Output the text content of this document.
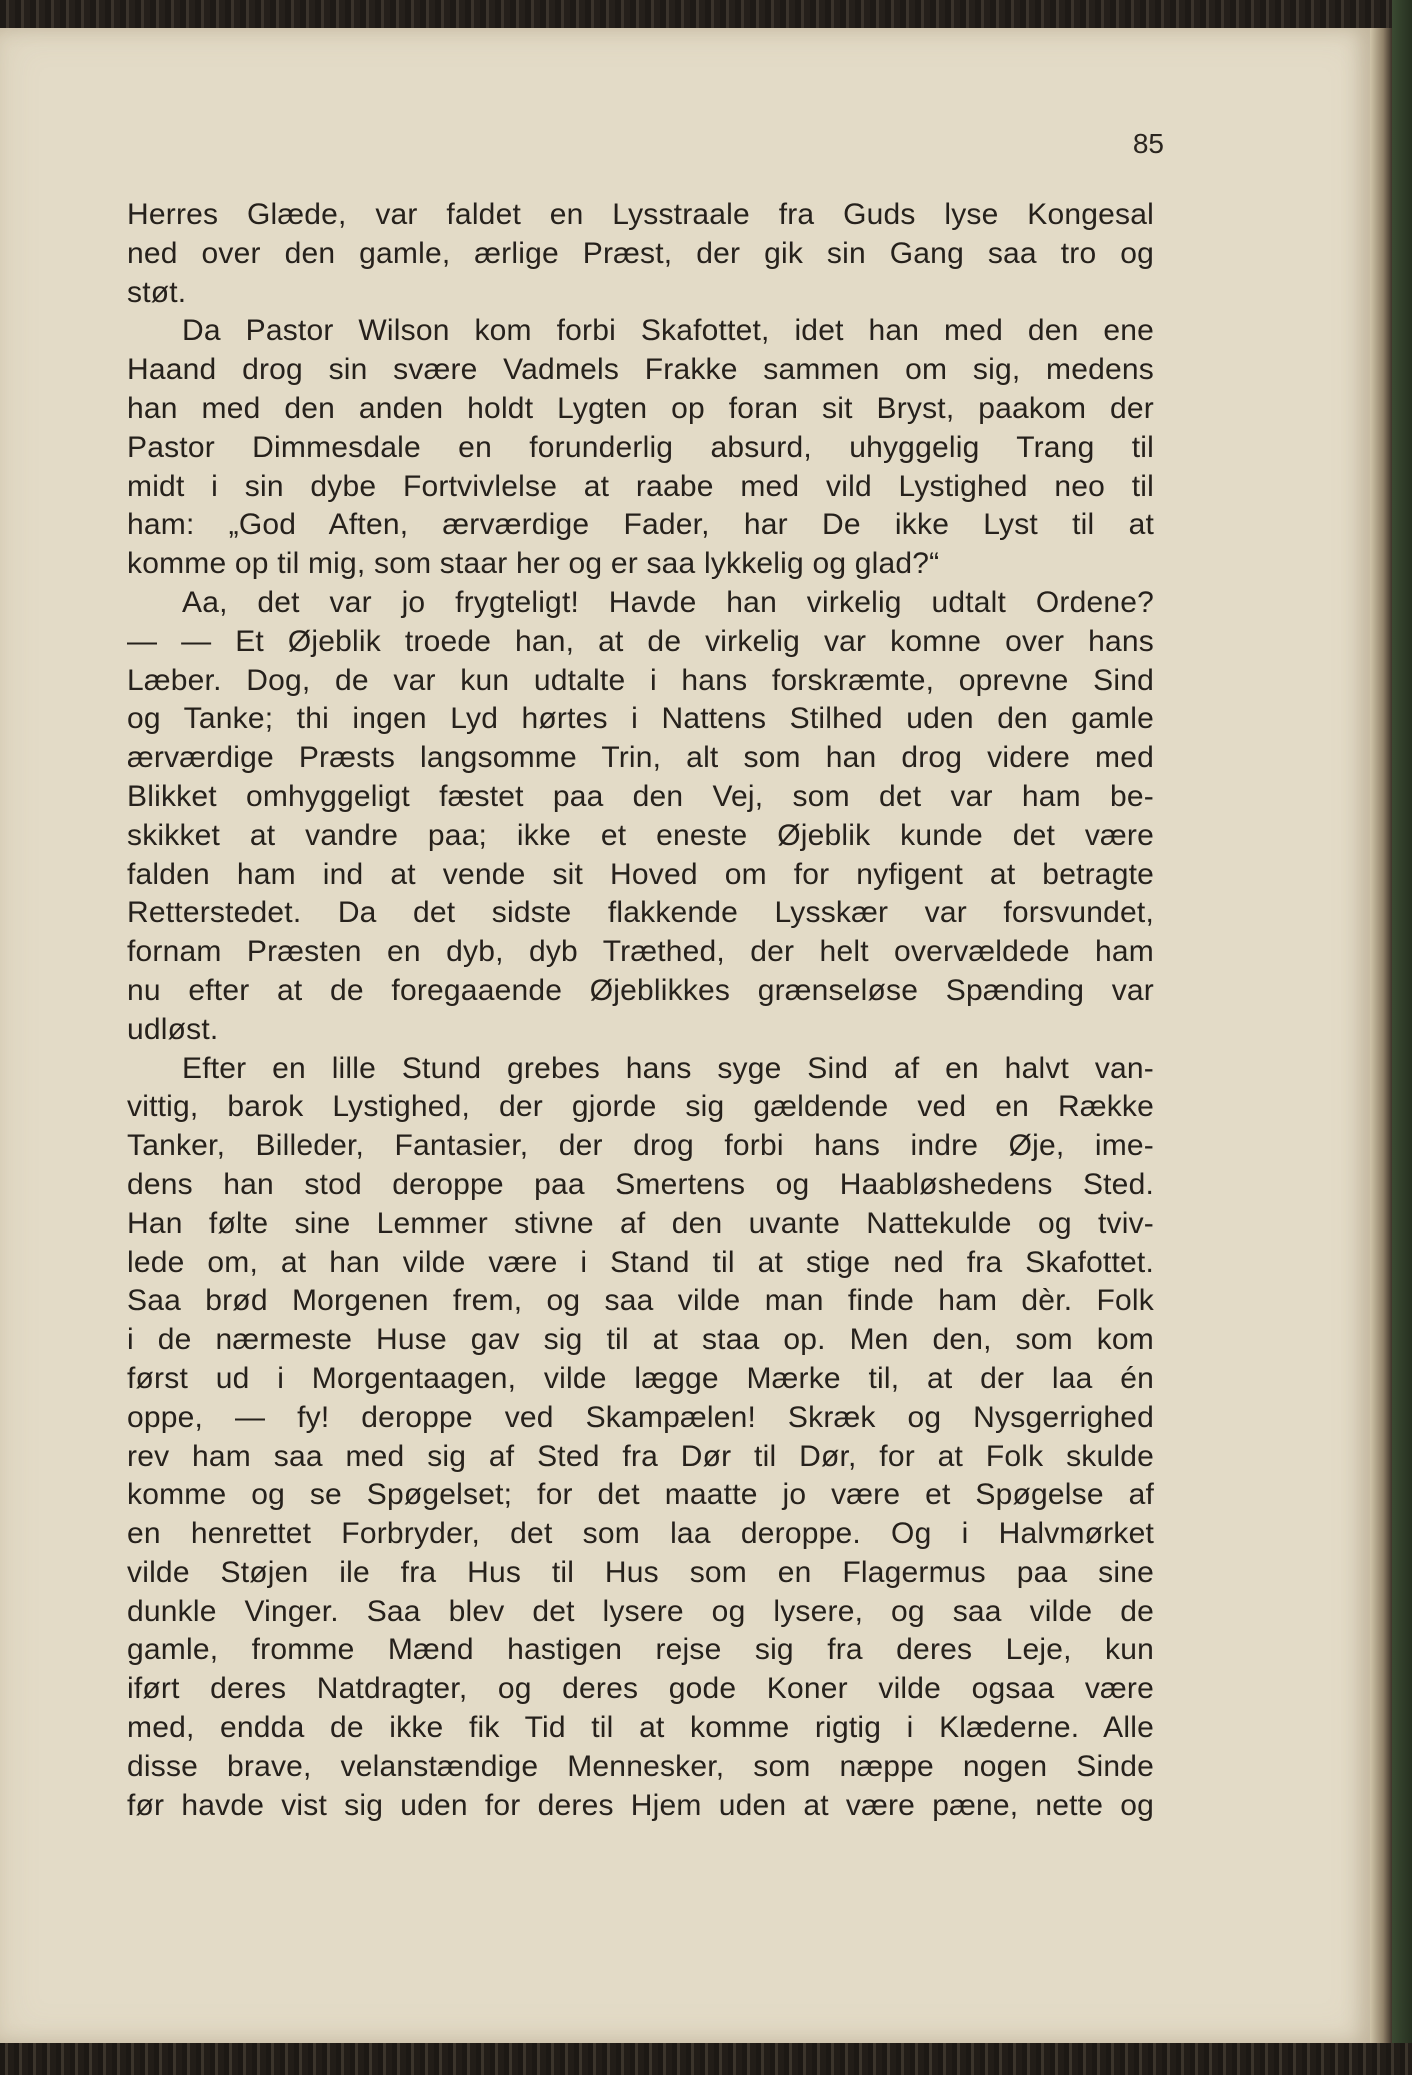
85
Herres Glæde, var faldet en Lysstraale fra Guds lyse Kongesal
ned over den gamle, ærlige Præst, der gik sin Gang saa tro og
støt.
Da Pastor Wilson kom forbi Skafottet, idet han med den ene
Haand drog sin svære Vadmels Frakke sammen om sig, medens
han med den anden holdt Lygten op foran sit Bryst, paakom der
Pastor Dimmesdale en forunderlig absurd, uhyggelig Trang til
midt i sin dybe Fortvivlelse at raabe med vild Lystighed neo til
ham: „God Aften, ærværdige Fader, har De ikke Lyst til at
komme op til mig, som staar her og er saa lykkelig og glad?“
Aa, det var jo frygteligt! Havde han virkelig udtalt Ordene?
— — Et Øjeblik troede han, at de virkelig var komne over hans
Læber. Dog, de var kun udtalte i hans forskræmte, oprevne Sind
og Tanke; thi ingen Lyd hørtes i Nattens Stilhed uden den gamle
ærværdige Præsts langsomme Trin, alt som han drog videre med
Blikket omhyggeligt fæstet paa den Vej, som det var ham be-
skikket at vandre paa; ikke et eneste Øjeblik kunde det være
falden ham ind at vende sit Hoved om for nyfigent at betragte
Retterstedet. Da det sidste flakkende Lysskær var forsvundet,
fornam Præsten en dyb, dyb Træthed, der helt overvældede ham
nu efter at de foregaaende Øjeblikkes grænseløse Spænding var
udløst.
Efter en lille Stund grebes hans syge Sind af en halvt van-
vittig, barok Lystighed, der gjorde sig gældende ved en Række
Tanker, Billeder, Fantasier, der drog forbi hans indre Øje, ime-
dens han stod deroppe paa Smertens og Haabløshedens Sted.
Han følte sine Lemmer stivne af den uvante Nattekulde og tviv-
lede om, at han vilde være i Stand til at stige ned fra Skafottet.
Saa brød Morgenen frem, og saa vilde man finde ham dèr. Folk
i de nærmeste Huse gav sig til at staa op. Men den, som kom
først ud i Morgentaagen, vilde lægge Mærke til, at der laa én
oppe, — fy! deroppe ved Skampælen! Skræk og Nysgerrighed
rev ham saa med sig af Sted fra Dør til Dør, for at Folk skulde
komme og se Spøgelset; for det maatte jo være et Spøgelse af
en henrettet Forbryder, det som laa deroppe. Og i Halvmørket
vilde Støjen ile fra Hus til Hus som en Flagermus paa sine
dunkle Vinger. Saa blev det lysere og lysere, og saa vilde de
gamle, fromme Mænd hastigen rejse sig fra deres Leje, kun
iført deres Natdragter, og deres gode Koner vilde ogsaa være
med, endda de ikke fik Tid til at komme rigtig i Klæderne. Alle
disse brave, velanstændige Mennesker, som næppe nogen Sinde
før havde vist sig uden for deres Hjem uden at være pæne, nette og
